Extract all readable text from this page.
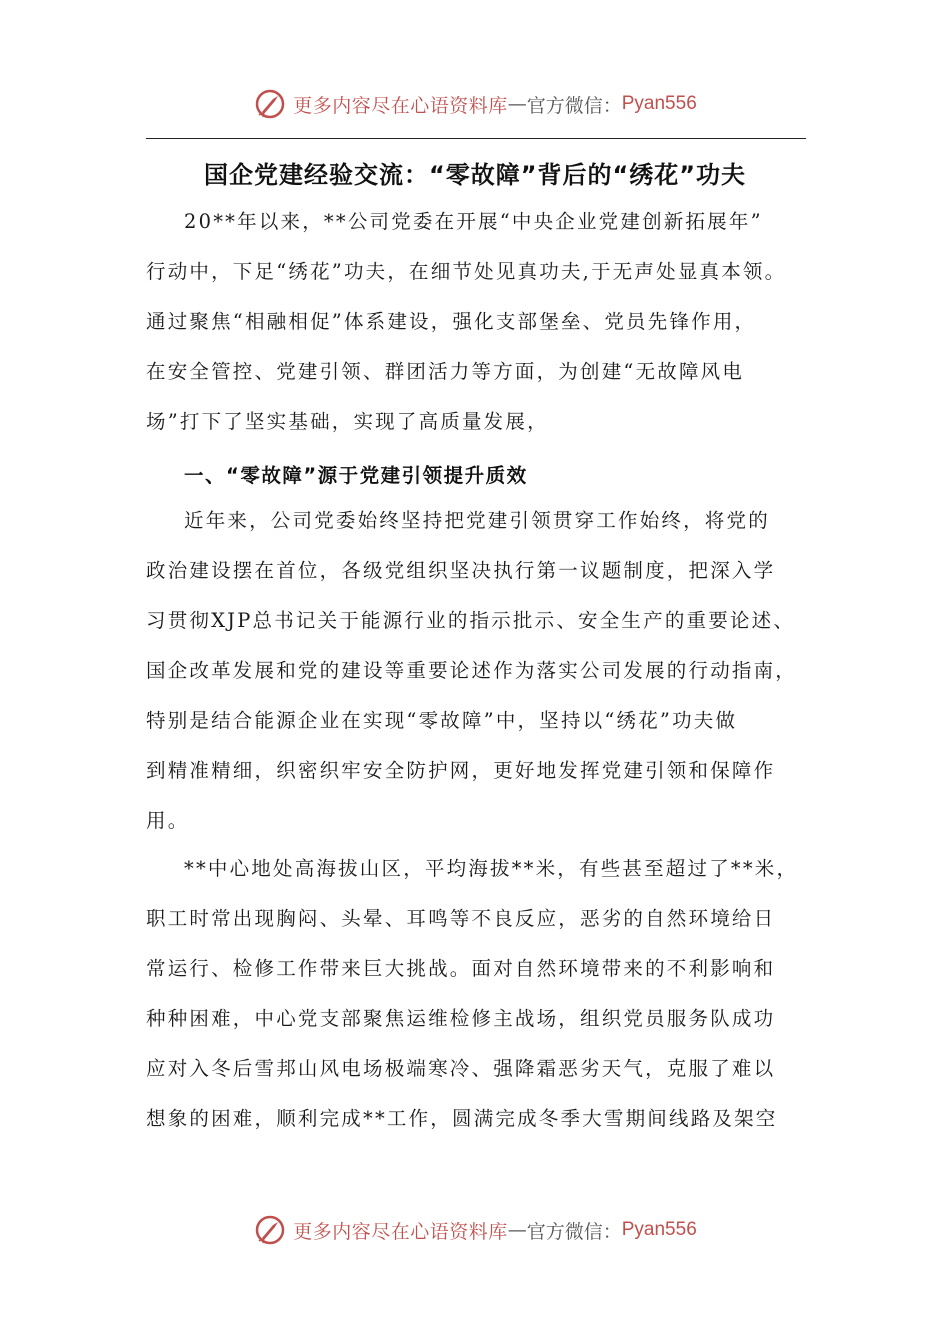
更多内容尽在心语资料库 — 官方微信： Pyan556
国企党建经验交流：“零故障”背后的“绣花”功夫
20**年以来，**公司党委在开展“中央企业党建创新拓展年”
行动中，下足“绣花”功夫，在细节处见真功夫,于无声处显真本领。
通过聚焦“相融相促”体系建设，强化支部堡垒、党员先锋作用，
在安全管控、党建引领、群团活力等方面，为创建“无故障风电
场”打下了坚实基础，实现了高质量发展，
一、“零故障”源于党建引领提升质效
近年来，公司党委始终坚持把党建引领贯穿工作始终，将党的
政治建设摆在首位，各级党组织坚决执行第一议题制度，把深入学
习贯彻XJP总书记关于能源行业的指示批示、安全生产的重要论述、
国企改革发展和党的建设等重要论述作为落实公司发展的行动指南，
特别是结合能源企业在实现“零故障”中，坚持以“绣花”功夫做
到精准精细，织密织牢安全防护网，更好地发挥党建引领和保障作
用。
**中心地处高海拔山区，平均海拔**米，有些甚至超过了**米，
职工时常出现胸闷、头晕、耳鸣等不良反应，恶劣的自然环境给日
常运行、检修工作带来巨大挑战。面对自然环境带来的不利影响和
种种困难，中心党支部聚焦运维检修主战场，组织党员服务队成功
应对入冬后雪邦山风电场极端寒冷、强降霜恶劣天气，克服了难以
想象的困难，顺利完成**工作，圆满完成冬季大雪期间线路及架空
更多内容尽在心语资料库 — 官方微信： Pyan556
